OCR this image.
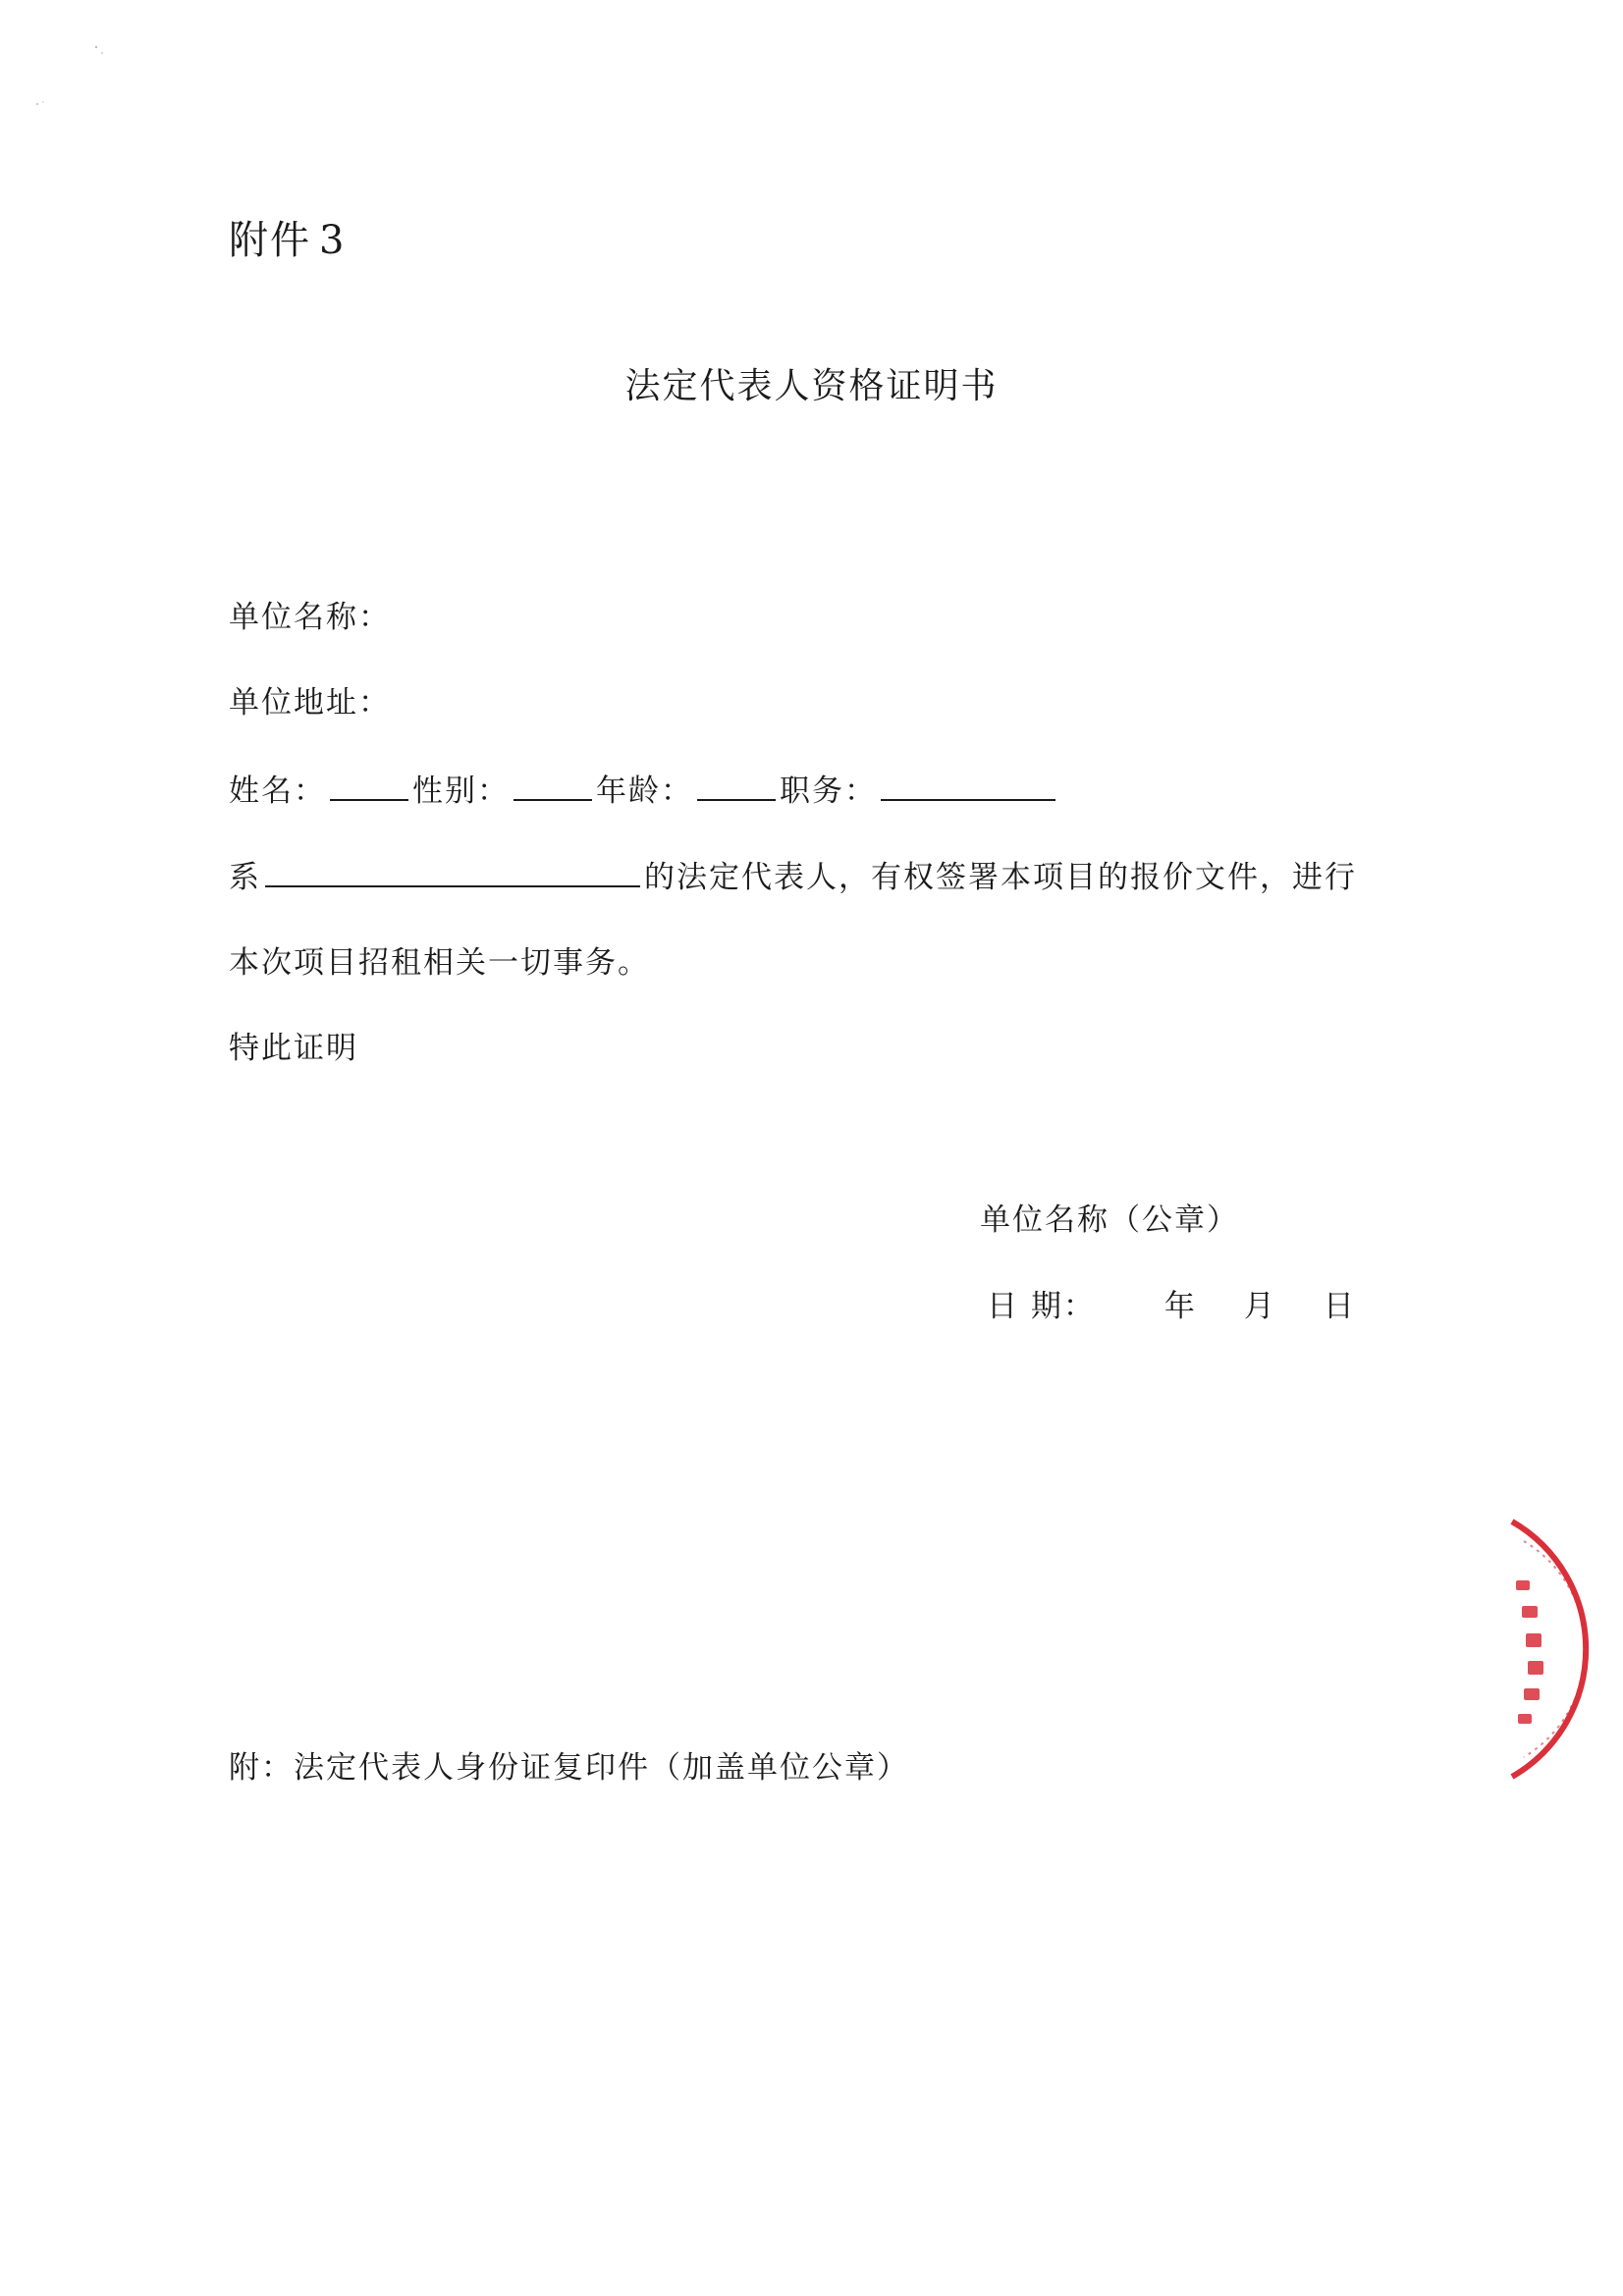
附件 3
法定代表人资格证明书
单位名称：
单位地址：
姓名：	性别：	年龄：	职务：
系	的法定代表人，有权签署本项目的报价文件，进行
本次项目招租相关一切事务。
特此证明
单位名称（公章）
日 期： 年 月 日
附：法定代表人身份证复印件（加盖单位公章）
